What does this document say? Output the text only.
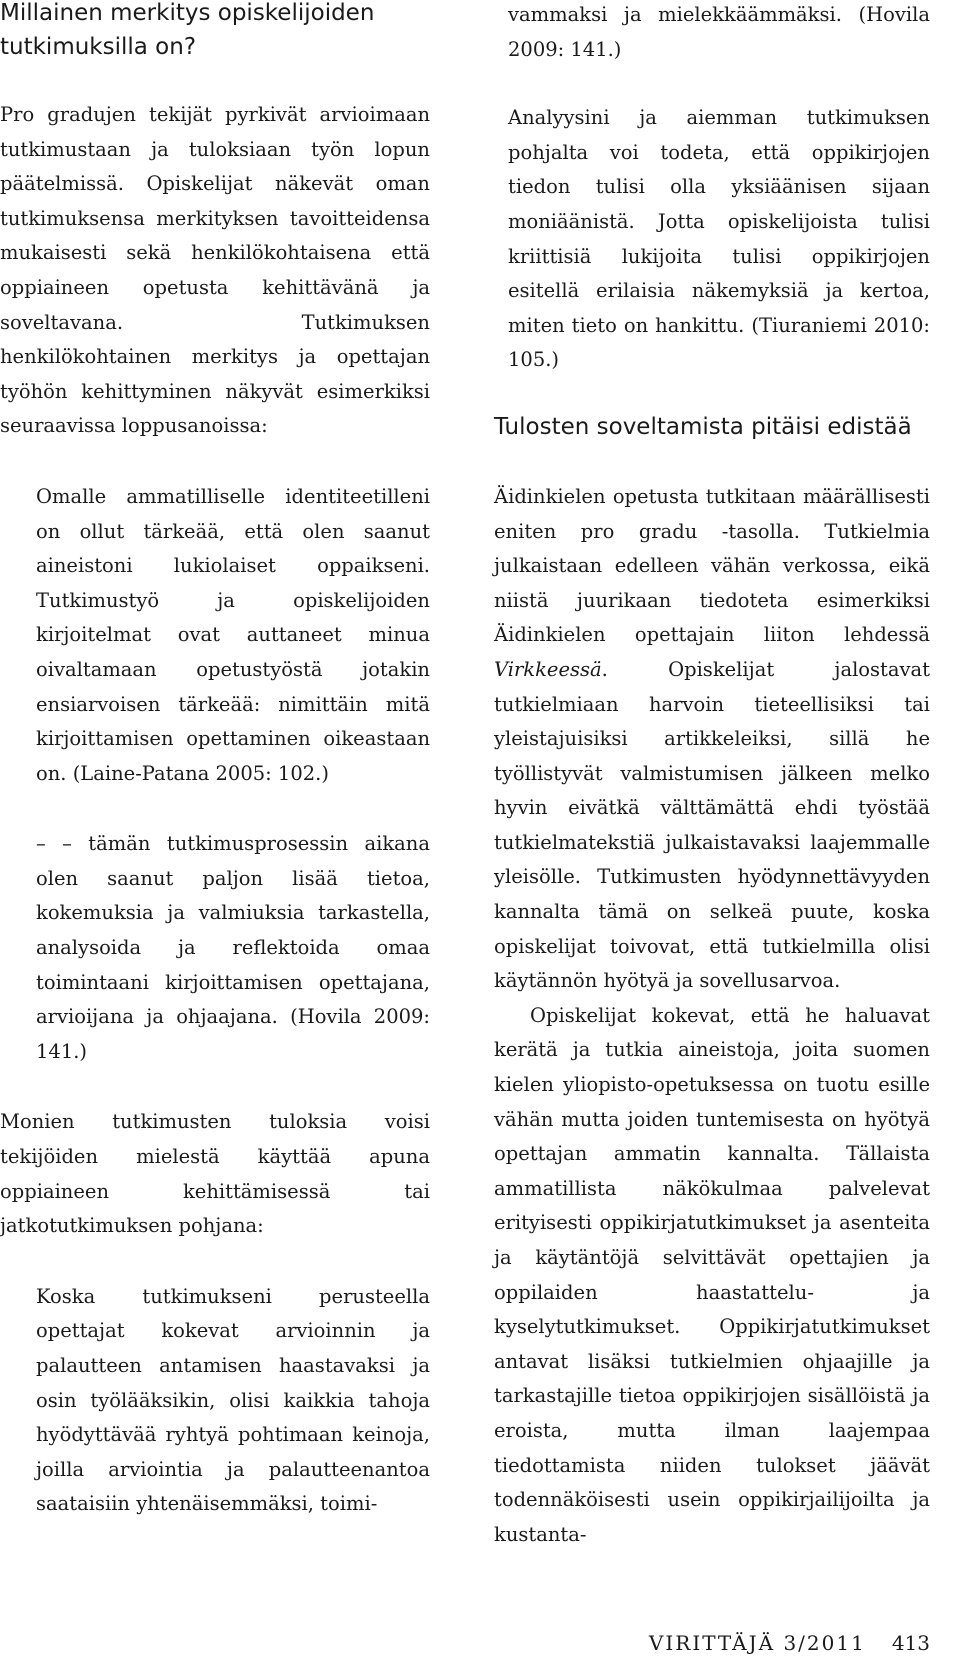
Millainen merkitys opiskelijoiden tutkimuksilla on?

Pro gradujen tekijät pyrkivät arvioimaan tutkimustaan ja tuloksiaan työn lopun päätelmissä. Opiskelijat näkevät oman tutkimuksensa merkityksen tavoitteidensa mukaisesti sekä henkilökohtaisena että oppiaineen opetusta kehittävänä ja soveltavana. Tutkimuksen henkilökohtainen merkitys ja opettajan työhön kehittyminen näkyvät esimerkiksi seuraavissa loppusanoissa:

Omalle ammatilliselle identiteetilleni on ollut tärkeää, että olen saanut aineistoni lukiolaiset oppaikseni. Tutkimustyö ja opiskelijoiden kirjoitelmat ovat auttaneet minua oivaltamaan opetustyöstä jotakin ensiarvoisen tärkeää: nimittäin mitä kirjoittamisen opettaminen oikeastaan on. (Laine-Patana 2005: 102.)

– – tämän tutkimusprosessin aikana olen saanut paljon lisää tietoa, kokemuksia ja valmiuksia tarkastella, analysoida ja reflektoida omaa toimintaani kirjoittamisen opettajana, arvioijana ja ohjaajana. (Hovila 2009: 141.)

Monien tutkimusten tuloksia voisi tekijöiden mielestä käyttää apuna oppiaineen kehittämisessä tai jatkotutkimuksen pohjana:

Koska tutkimukseni perusteella opettajat kokevat arvioinnin ja palautteen antamisen haastavaksi ja osin työlääksikin, olisi kaikkia tahoja hyödyttävää ryhtyä pohtimaan keinoja, joilla arviointia ja palautteenantoa saataisiin yhtenäisemmäksi, toimi-

vammaksi ja mielekkäämmäksi. (Hovila 2009: 141.)

Analyysini ja aiemman tutkimuksen pohjalta voi todeta, että oppikirjojen tiedon tulisi olla yksiäänisen sijaan moniäänistä. Jotta opiskelijoista tulisi kriittisiä lukijoita tulisi oppikirjojen esitellä erilaisia näkemyksiä ja kertoa, miten tieto on hankittu. (Tiuraniemi 2010: 105.)

Tulosten soveltamista pitäisi edistää

Äidinkielen opetusta tutkitaan määrällisesti eniten pro gradu -tasolla. Tutkielmia julkaistaan edelleen vähän verkossa, eikä niistä juurikaan tiedoteta esimerkiksi Äidinkielen opettajain liiton lehdessä Virkkeessä. Opiskelijat jalostavat tutkielmiaan harvoin tieteellisiksi tai yleistajuisiksi artikkeleiksi, sillä he työllistyvät valmistumisen jälkeen melko hyvin eivätkä välttämättä ehdi työstää tutkielmatekstiä julkaistavaksi laajemmalle yleisölle. Tutkimusten hyödynnettävyyden kannalta tämä on selkeä puute, koska opiskelijat toivovat, että tutkielmilla olisi käytännön hyötyä ja sovellusarvoa.

Opiskelijat kokevat, että he haluavat kerätä ja tutkia aineistoja, joita suomen kielen yliopisto-opetuksessa on tuotu esille vähän mutta joiden tuntemisesta on hyötyä opettajan ammatin kannalta. Tällaista ammatillista näkökulmaa palvelevat erityisesti oppikirjatutkimukset ja asenteita ja käytäntöjä selvittävät opettajien ja oppilaiden haastattelu- ja kyselytutkimukset. Oppikirjatutkimukset antavat lisäksi tutkielmien ohjaajille ja tarkastajille tietoa oppikirjojen sisällöistä ja eroista, mutta ilman laajempaa tiedottamista niiden tulokset jäävät todennäköisesti usein oppikirjailijoilta ja kustanta-

VIRITTÄJÄ 3/2011 413
